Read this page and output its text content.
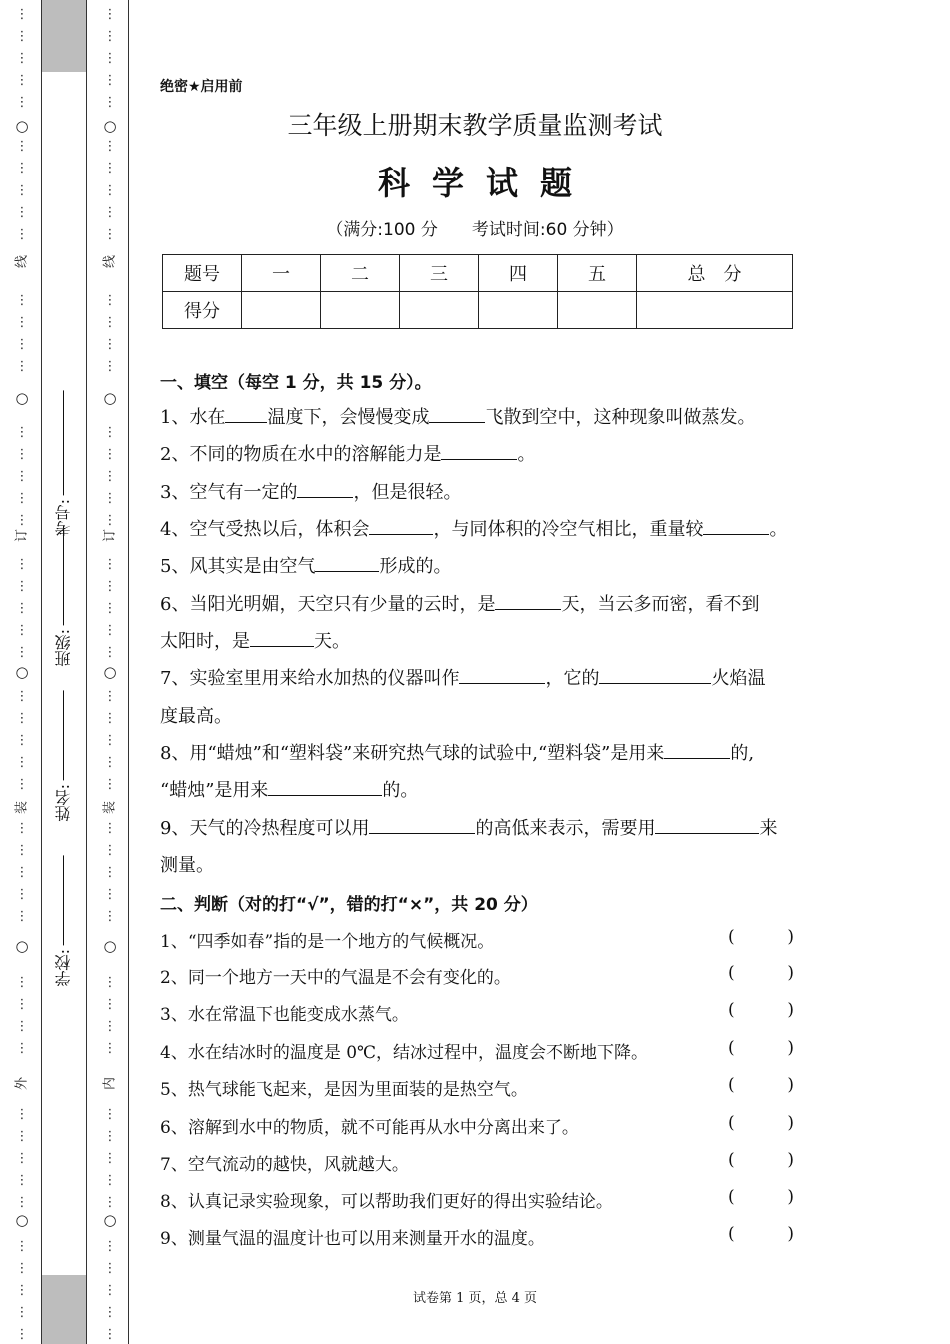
⋮
⋮
⋮
⋮
⋮
⋮
⋮
⋮
⋮
⋮
⋮
⋮
⋮
⋮
⋮
⋮
⋮
⋮
⋮
⋮
⋮
⋮
⋮
⋮
⋮
⋮
⋮
⋮
⋮
⋮
⋮
⋮
⋮
⋮
⋮
⋮
⋮
⋮
⋮
⋮
⋮
⋮
⋮
⋮
⋮
⋮
⋮
⋮
○
○
○
○
○
线
订
装
外
⋮
⋮
⋮
⋮
⋮
⋮
⋮
⋮
⋮
⋮
⋮
⋮
⋮
⋮
⋮
⋮
⋮
⋮
⋮
⋮
⋮
⋮
⋮
⋮
⋮
⋮
⋮
⋮
⋮
⋮
⋮
⋮
⋮
⋮
⋮
⋮
⋮
⋮
⋮
⋮
⋮
⋮
⋮
⋮
⋮
⋮
⋮
⋮
○
○
○
○
○
线
订
装
内
考号:
班级:
姓名:
学校:
绝密★启用前
三年级上册期末教学质量监测考试
科学试题
（满分:100 分 考试时间:60 分钟）
题号	一	二	三	四	五	总　分
得分						
一、填空（每空 1 分，共 15 分）。
1、水在 温度下，会慢慢变成	飞散到空中，这种现象叫做蒸发。
2、不同的物质在水中的溶解能力是	。
3、空气有一定的	，但是很轻。
4、空气受热以后，体积会	，与同体积的冷空气相比，重量较	。
5、风其实是由空气	形成的。
6、当阳光明媚，天空只有少量的云时，是	天，当云多而密，看不到
太阳时，是	天。
7、实验室里用来给水加热的仪器叫作	，它的	火焰温
度最高。
8、用“蜡烛”和“塑料袋”来研究热气球的试验中,“塑料袋”是用来	的,
“蜡烛”是用来	的。
9、天气的冷热程度可以用	的高低来表示，需要用	来
测量。
二、判断（对的打“√”，错的打“×”，共 20 分）
1、“四季如春”指的是一个地方的气候概况。	(	)
2、同一个地方一天中的气温是不会有变化的。	(	)
3、水在常温下也能变成水蒸气。	(	)
4、水在结冰时的温度是 0℃，结冰过程中，温度会不断地下降。	(	)
5、热气球能飞起来，是因为里面装的是热空气。	(	)
6、溶解到水中的物质，就不可能再从水中分离出来了。	(	)
7、空气流动的越快，风就越大。	(	)
8、认真记录实验现象，可以帮助我们更好的得出实验结论。	(	)
9、测量气温的温度计也可以用来测量开水的温度。	(	)
试卷第 1 页，总 4 页
